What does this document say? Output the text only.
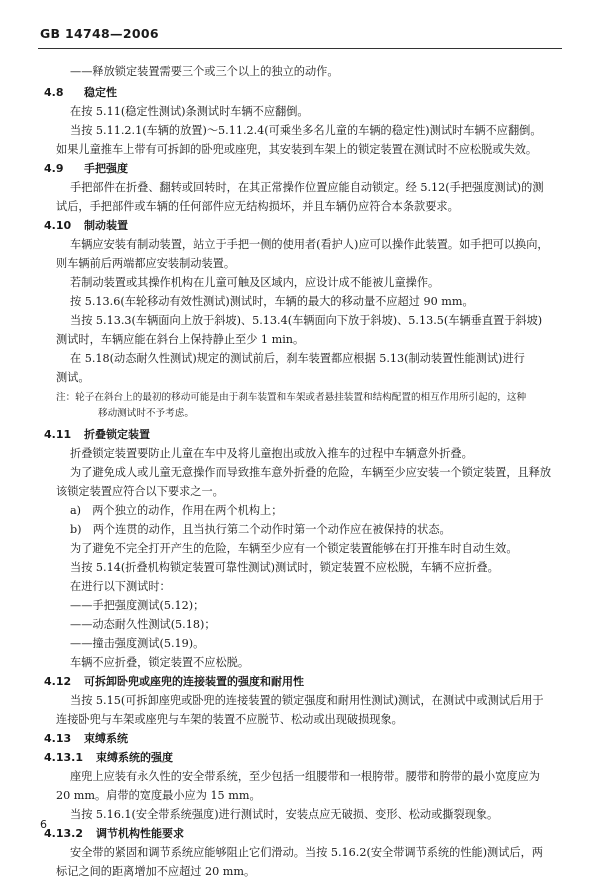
GB 14748—2006
——释放锁定装置需要三个或三个以上的独立的动作。
4.8 稳定性
在按 5.11(稳定性测试)条测试时车辆不应翻倒。
当按 5.11.2.1(车辆的放置)～5.11.2.4(可乘坐多名儿童的车辆的稳定性)测试时车辆不应翻倒。
如果儿童推车上带有可拆卸的卧兜或座兜，其安装到车架上的锁定装置在测试时不应松脱或失效。
4.9 手把强度
手把部件在折叠、翻转或回转时，在其正常操作位置应能自动锁定。经 5.12(手把强度测试)的测
试后，手把部件或车辆的任何部件应无结构损坏，并且车辆仍应符合本条款要求。
4.10 制动装置
车辆应安装有制动装置，站立于手把一侧的使用者(看护人)应可以操作此装置。如手把可以换向，
则车辆前后两端都应安装制动装置。
若制动装置或其操作机构在儿童可触及区域内，应设计成不能被儿童操作。
按 5.13.6(车轮移动有效性测试)测试时，车辆的最大的移动量不应超过 90 mm。
当按 5.13.3(车辆面向上放于斜坡)、5.13.4(车辆面向下放于斜坡)、5.13.5(车辆垂直置于斜坡)
测试时，车辆应能在斜台上保持静止至少 1 min。
在 5.18(动态耐久性测试)规定的测试前后，刹车装置都应根据 5.13(制动装置性能测试)进行
测试。
注：轮子在斜台上的最初的移动可能是由于刹车装置和车架或者悬挂装置和结构配置的相互作用所引起的，这种
移动测试时不予考虑。
4.11 折叠锁定装置
折叠锁定装置要防止儿童在车中及将儿童抱出或放入推车的过程中车辆意外折叠。
为了避免成人或儿童无意操作而导致推车意外折叠的危险，车辆至少应安装一个锁定装置，且释放
该锁定装置应符合以下要求之一。
a)　两个独立的动作，作用在两个机构上；
b)　两个连贯的动作，且当执行第二个动作时第一个动作应在被保持的状态。
为了避免不完全打开产生的危险，车辆至少应有一个锁定装置能够在打开推车时自动生效。
当按 5.14(折叠机构锁定装置可靠性测试)测试时，锁定装置不应松脱，车辆不应折叠。
在进行以下测试时：
——手把强度测试(5.12)；
——动态耐久性测试(5.18)；
——撞击强度测试(5.19)。
车辆不应折叠，锁定装置不应松脱。
4.12 可拆卸卧兜或座兜的连接装置的强度和耐用性
当按 5.15(可拆卸座兜或卧兜的连接装置的锁定强度和耐用性测试)测试，在测试中或测试后用于
连接卧兜与车架或座兜与车架的装置不应脱节、松动或出现破损现象。
4.13 束缚系统
4.13.1 束缚系统的强度
座兜上应装有永久性的安全带系统，至少包括一组腰带和一根胯带。腰带和胯带的最小宽度应为
20 mm。肩带的宽度最小应为 15 mm。
当按 5.16.1(安全带系统强度)进行测试时，安装点应无破损、变形、松动或撕裂现象。
4.13.2 调节机构性能要求
安全带的紧固和调节系统应能够阻止它们滑动。当按 5.16.2(安全带调节系统的性能)测试后，两
标记之间的距离增加不应超过 20 mm。
6
